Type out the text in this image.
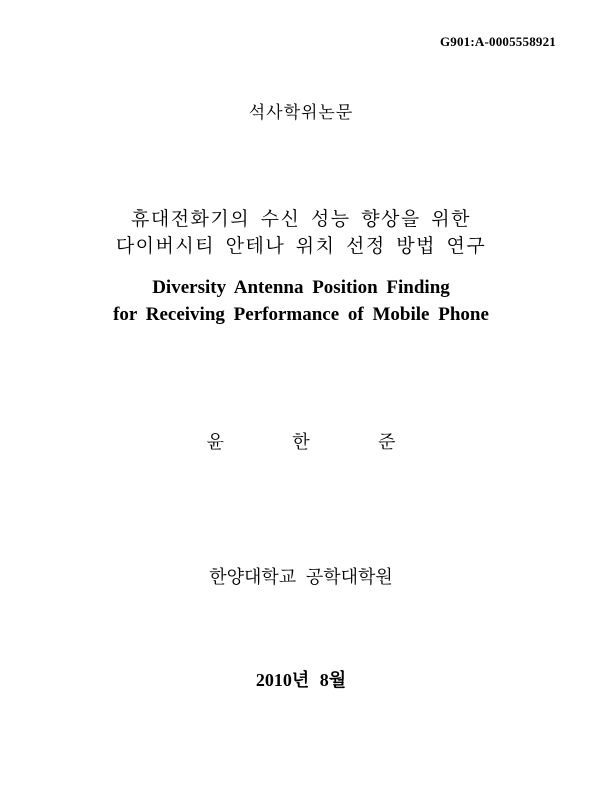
G901:A-0005558921
석사학위논문
휴대전화기의 수신 성능 향상을 위한
다이버시티 안테나 위치 선정 방법 연구
Diversity Antenna Position Finding
for Receiving Performance of Mobile Phone
윤	한	준
한양대학교 공학대학원
2010년 8월
